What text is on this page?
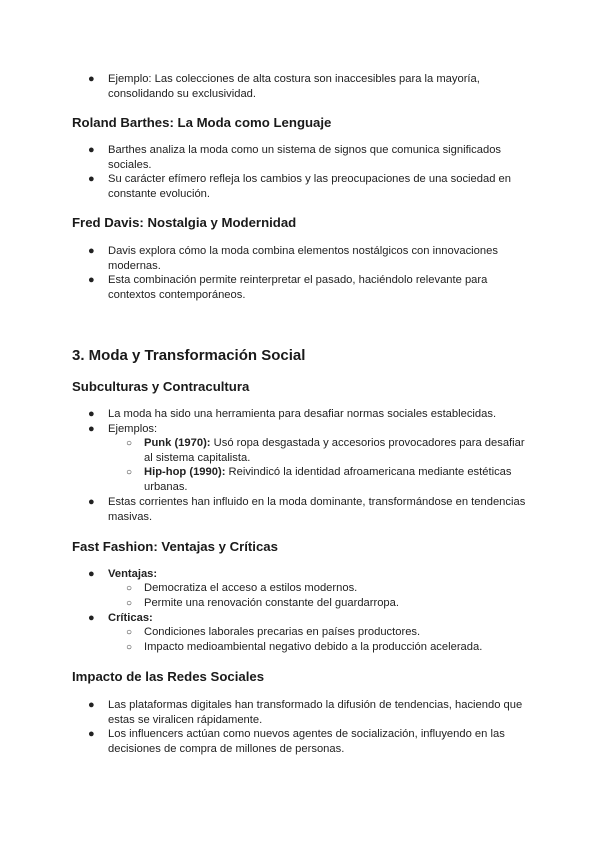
● Ejemplo: Las colecciones de alta costura son inaccesibles para la mayoría, consolidando su exclusividad.
Roland Barthes: La Moda como Lenguaje
● Barthes analiza la moda como un sistema de signos que comunica significados sociales.
● Su carácter efímero refleja los cambios y las preocupaciones de una sociedad en constante evolución.
Fred Davis: Nostalgia y Modernidad
● Davis explora cómo la moda combina elementos nostálgicos con innovaciones modernas.
● Esta combinación permite reinterpretar el pasado, haciéndolo relevante para contextos contemporáneos.
3. Moda y Transformación Social
Subculturas y Contracultura
● La moda ha sido una herramienta para desafiar normas sociales establecidas.
● Ejemplos:
○ Punk (1970): Usó ropa desgastada y accesorios provocadores para desafiar al sistema capitalista.
○ Hip-hop (1990): Reivindicó la identidad afroamericana mediante estéticas urbanas.
● Estas corrientes han influido en la moda dominante, transformándose en tendencias masivas.
Fast Fashion: Ventajas y Críticas
● Ventajas:
○ Democratiza el acceso a estilos modernos.
○ Permite una renovación constante del guardarropa.
● Críticas:
○ Condiciones laborales precarias en países productores.
○ Impacto medioambiental negativo debido a la producción acelerada.
Impacto de las Redes Sociales
● Las plataformas digitales han transformado la difusión de tendencias, haciendo que estas se viralicen rápidamente.
● Los influencers actúan como nuevos agentes de socialización, influyendo en las decisiones de compra de millones de personas.
